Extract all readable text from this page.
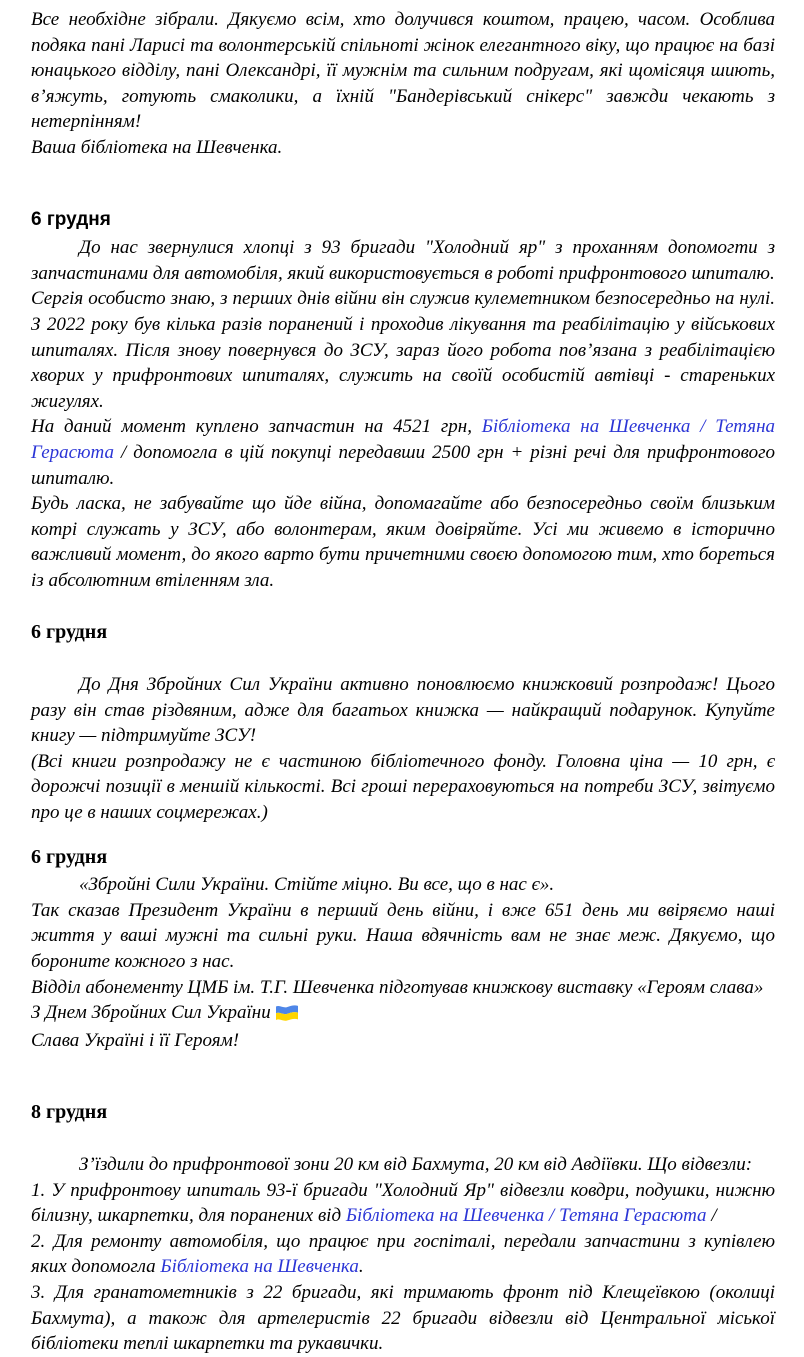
Все необхідне зібрали. Дякуємо всім, хто долучився коштом, працею, часом. Особлива подяка пані Ларисі та волонтерській спільноті жінок елегантного віку, що працює на базі юнацького відділу, пані Олександрі, її мужнім та сильним подругам, які щомісяця шиють, в’яжуть, готують смаколики, а їхній "Бандерівський снікерс" завжди чекають з нетерпінням!

Ваша бібліотека на Шевченка.

6 грудня

До нас звернулися хлопці з 93 бригади "Холодний яр" з проханням допомогти з запчастинами для автомобіля, який використовується в роботі прифронтового шпиталю.

Сергія особисто знаю, з перших днів війни він служив кулеметником безпосередньо на нулі. З 2022 року був кілька разів поранений і проходив лікування та реабілітацію у військових шпиталях. Після знову повернувся до ЗСУ, зараз його робота пов’язана з реабілітацією хворих у прифронтових шпиталях, служить на своїй особистій автівці - стареньких жигулях.

На даний момент куплено запчастин на 4521 грн, Бібліотека на Шевченка / Тетяна Герасюта / допомогла в цій покупці передавши 2500 грн + різні речі для прифронтового шпиталю.

Будь ласка, не забувайте що йде війна, допомагайте або безпосередньо своїм близьким котрі служать у ЗСУ, або волонтерам, яким довіряйте. Усі ми живемо в історично важливий момент, до якого варто бути причетними своєю допомогою тим, хто бореться із абсолютним втіленням зла.

6 грудня

До Дня Збройних Сил України активно поновлюємо книжковий розпродаж! Цього разу він став різдвяним, адже для багатьох книжка — найкращий подарунок. Купуйте книгу — підтримуйте ЗСУ!

(Всі книги розпродажу не є частиною бібліотечного фонду. Головна ціна — 10 грн, є дорожчі позиції в меншій кількості. Всі гроші перераховуються на потреби ЗСУ, звітуємо про це в наших соцмережах.)

6 грудня

«Збройні Сили України. Стійте міцно. Ви все, що в нас є».

Так сказав Президент України в перший день війни, і вже 651 день ми ввіряємо наші життя у ваші мужні та сильні руки. Наша вдячність вам не знає меж. Дякуємо, що бороните кожного з нас.

Відділ абонементу ЦМБ ім. Т.Г. Шевченка підготував книжкову виставку «Героям слава»

З Днем Збройних Сил України

Слава Україні і її Героям!

8 грудня

З’їздили до прифронтової зони 20 км від Бахмута, 20 км від Авдіївки. Що відвезли:

1. У прифронтову шпиталь 93-ї бригади "Холодний Яр" відвезли ковдри, подушки, нижню білизну, шкарпетки, для поранених від Бібліотека на Шевченка / Тетяна Герасюта /

2. Для ремонту автомобіля, що працює при госпіталі, передали запчастини з купівлею яких допомогла Бібліотека на Шевченка.

3. Для гранатометників з 22 бригади, які тримають фронт під Клещеївкою (околиці Бахмута), а також для артелеристів 22 бригади відвезли від Центральної міської бібліотеки теплі шкарпетки та рукавички.
